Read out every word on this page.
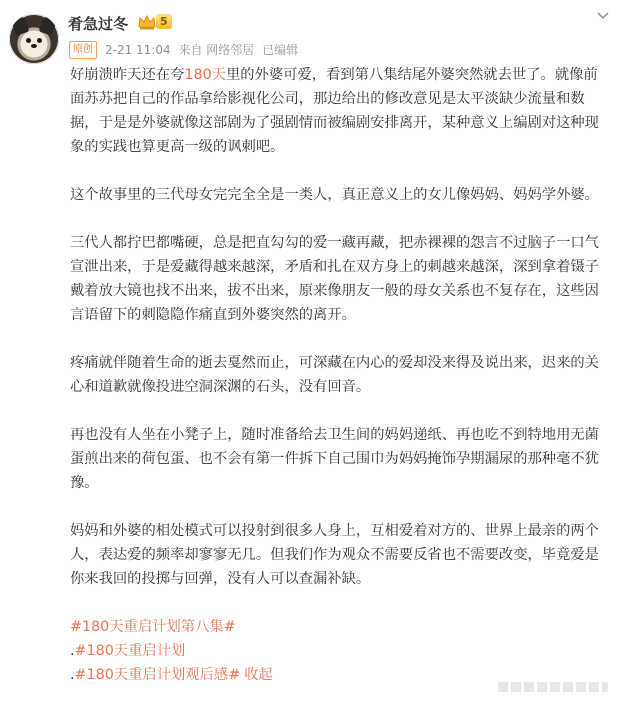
肴急过冬	5
原创	2-21 11:04 来自 网络邻居 已编辑

好崩溃昨天还在夸180天里的外婆可爱，看到第八集结尾外婆突然就去世了。就像前面苏苏把自己的作品拿给影视化公司，那边给出的修改意见是太平淡缺少流量和数据，于是是外婆就像这部剧为了强剧情而被编剧安排离开，某种意义上编剧对这种现象的实践也算更高一级的讽刺吧。

这个故事里的三代母女完完全全是一类人，真正意义上的女儿像妈妈、妈妈学外婆。

三代人都拧巴都嘴硬，总是把直勾勾的爱一藏再藏，把赤裸裸的怨言不过脑子一口气宣泄出来，于是爱藏得越来越深，矛盾和扎在双方身上的刺越来越深，深到拿着镊子戴着放大镜也找不出来，拔不出来，原来像朋友一般的母女关系也不复存在，这些因言语留下的刺隐隐作痛直到外婆突然的离开。

疼痛就伴随着生命的逝去戛然而止，可深藏在内心的爱却没来得及说出来，迟来的关心和道歉就像投进空洞深渊的石头，没有回音。

再也没有人坐在小凳子上，随时准备给去卫生间的妈妈递纸、再也吃不到特地用无菌蛋煎出来的荷包蛋、也不会有第一件拆下自己围巾为妈妈掩饰孕期漏尿的那种毫不犹豫。

妈妈和外婆的相处模式可以投射到很多人身上，互相爱着对方的、世界上最亲的两个人，表达爱的频率却寥寥无几。但我们作为观众不需要反省也不需要改变，毕竟爱是你来我回的投掷与回弹，没有人可以查漏补缺。

#180天重启计划第八集#
.#180天重启计划
.#180天重启计划观后感# 收起
